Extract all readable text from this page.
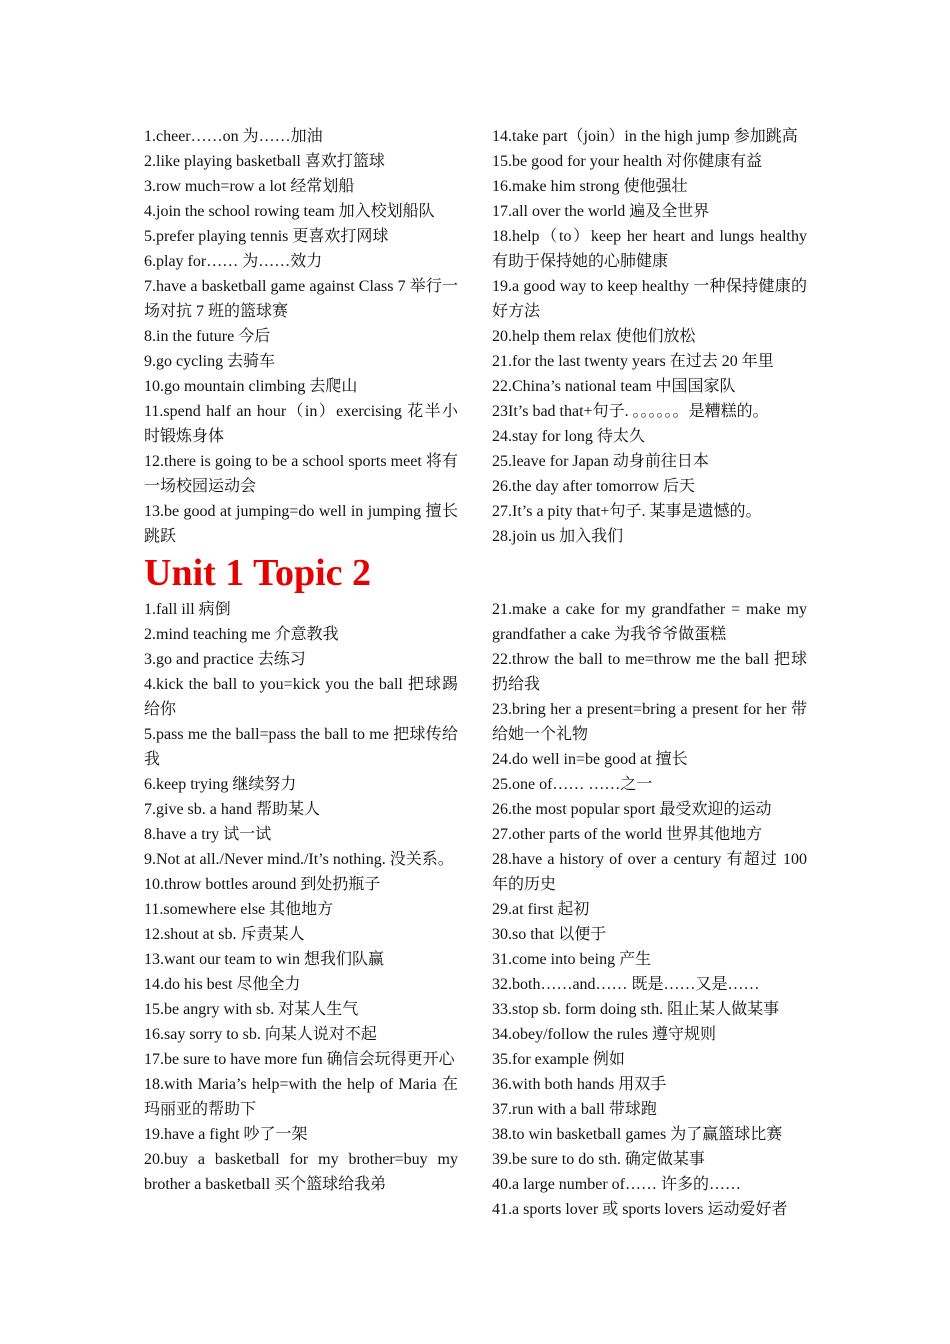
1.cheer……on 为……加油

2.like playing basketball 喜欢打篮球

3.row much=row a lot 经常划船

4.join the school rowing team 加入校划船队

5.prefer playing tennis 更喜欢打网球

6.play for…… 为……效力

7.have a basketball game against Class 7 举行一场对抗 7 班的篮球赛

8.in the future 今后

9.go cycling 去骑车

10.go mountain climbing 去爬山

11.spend half an hour（in）exercising 花半小时锻炼身体

12.there is going to be a school sports meet 将有一场校园运动会

13.be good at jumping=do well in jumping 擅长跳跃

14.take part（join）in the high jump 参加跳高

15.be good for your health 对你健康有益

16.make him strong 使他强壮

17.all over the world 遍及全世界

18.help（to）keep her heart and lungs healthy 有助于保持她的心肺健康

19.a good way to keep healthy 一种保持健康的好方法

20.help them relax 使他们放松

21.for the last twenty years 在过去 20 年里

22.China’s national team 中国国家队

23It’s bad that+句子. 。。。。。。是糟糕的。

24.stay for long 待太久

25.leave for Japan 动身前往日本

26.the day after tomorrow 后天

27.It’s a pity that+句子. 某事是遗憾的。

28.join us 加入我们

Unit 1 Topic 2

1.fall ill 病倒

2.mind teaching me 介意教我

3.go and practice 去练习

4.kick the ball to you=kick you the ball 把球踢给你

5.pass me the ball=pass the ball to me 把球传给我

6.keep trying 继续努力

7.give sb. a hand 帮助某人

8.have a try 试一试

9.Not at all./Never mind./It’s nothing. 没关系。

10.throw bottles around 到处扔瓶子

11.somewhere else 其他地方

12.shout at sb. 斥责某人

13.want our team to win 想我们队赢

14.do his best 尽他全力

15.be angry with sb. 对某人生气

16.say sorry to sb. 向某人说对不起

17.be sure to have more fun 确信会玩得更开心

18.with Maria’s help=with the help of Maria 在玛丽亚的帮助下

19.have a fight 吵了一架

20.buy a basketball for my brother=buy my brother a basketball 买个篮球给我弟

21.make a cake for my grandfather = make my grandfather a cake 为我爷爷做蛋糕

22.throw the ball to me=throw me the ball 把球扔给我

23.bring her a present=bring a present for her 带给她一个礼物

24.do well in=be good at 擅长

25.one of…… ……之一

26.the most popular sport 最受欢迎的运动

27.other parts of the world 世界其他地方

28.have a history of over a century 有超过 100 年的历史

29.at first 起初

30.so that 以便于

31.come into being 产生

32.both……and…… 既是……又是……

33.stop sb. form doing sth. 阻止某人做某事

34.obey/follow the rules 遵守规则

35.for example 例如

36.with both hands 用双手

37.run with a ball 带球跑

38.to win basketball games 为了赢篮球比赛

39.be sure to do sth. 确定做某事

40.a large number of…… 许多的……

41.a sports lover 或 sports lovers 运动爱好者
